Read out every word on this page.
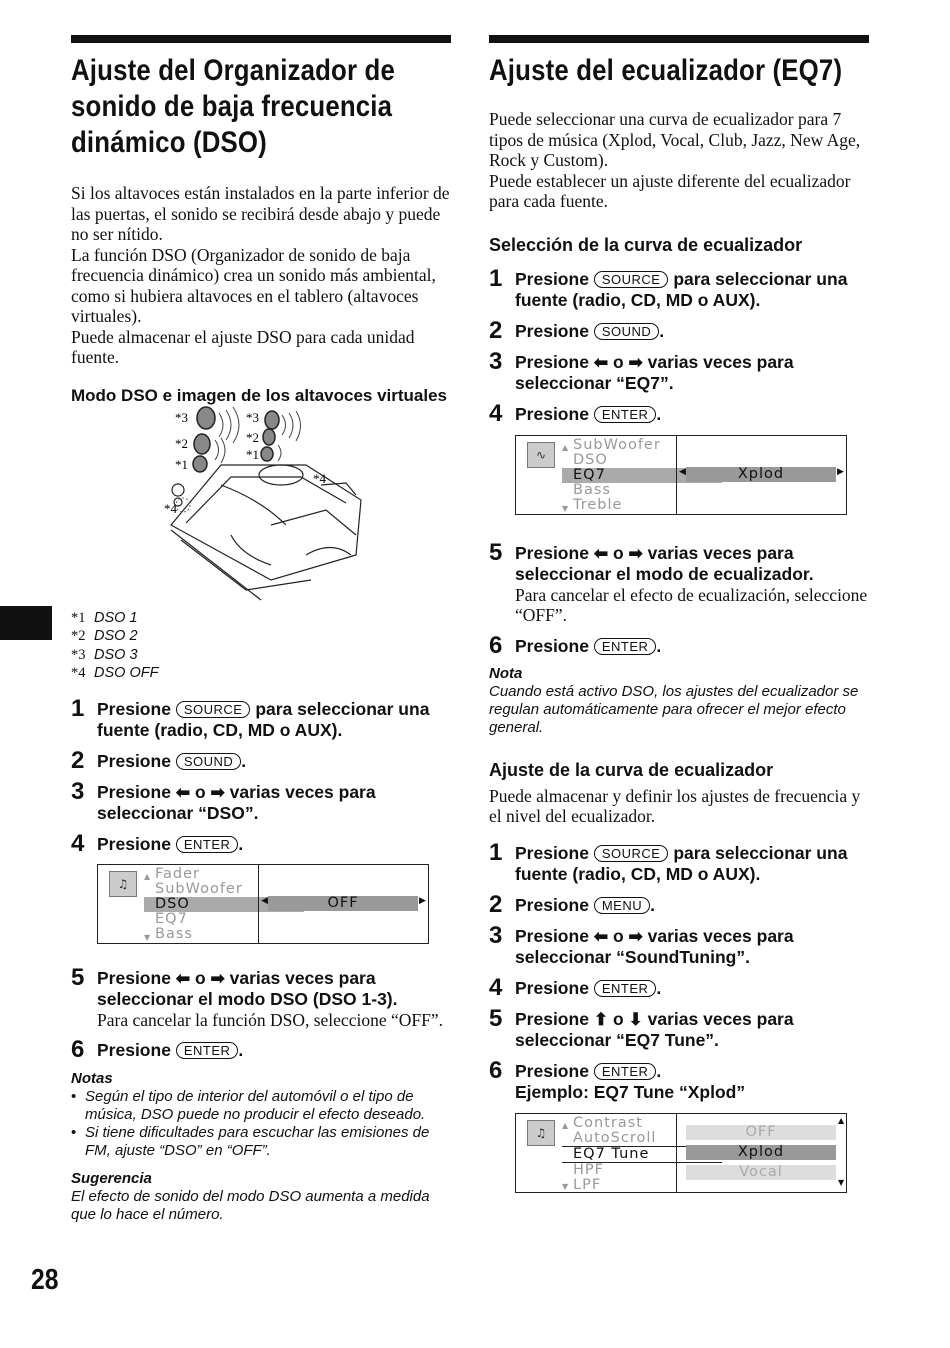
28
Ajuste del Organizador de sonido de baja frecuencia dinámico (DSO)

Si los altavoces están instalados en la parte inferior de las puertas, el sonido se recibirá desde abajo y puede no ser nítido.

La función DSO (Organizador de sonido de baja frecuencia dinámico) crea un sonido más ambiental, como si hubiera altavoces en el tablero (altavoces virtuales).

Puede almacenar el ajuste DSO para cada unidad fuente.

Modo DSO e imagen de los altavoces virtuales
*3
*2
*1
*3
*2
*1
*4
*4
*1 DSO 1
*2 DSO 2
*3 DSO 3
*4 DSO OFF
1 Presione SOURCE para seleccionar una fuente (radio, CD, MD o AUX).
2 Presione SOUND .
3 Presione ⬅ o ➡ varias veces para seleccionar “DSO”.
4 Presione ENTER .
♫
▲ Fader
SubWoofer
DSO
EQ7
Bass
▼
◀	OFF	▶
5 Presione ⬅ o ➡ varias veces para seleccionar el modo DSO (DSO 1-3).
Para cancelar la función DSO, seleccione “OFF”.
6 Presione ENTER .
Notas
• Según el tipo de interior del automóvil o el tipo de música, DSO puede no producir el efecto deseado.
• Si tiene dificultades para escuchar las emisiones de FM, ajuste “DSO” en “OFF”.
Sugerencia
El efecto de sonido del modo DSO aumenta a medida que lo hace el número.
Ajuste del ecualizador (EQ7)

Puede seleccionar una curva de ecualizador para 7 tipos de música (Xplod, Vocal, Club, Jazz, New Age, Rock y Custom).

Puede establecer un ajuste diferente del ecualizador para cada fuente.

Selección de la curva de ecualizador
1 Presione SOURCE para seleccionar una fuente (radio, CD, MD o AUX).
2 Presione SOUND .
3 Presione ⬅ o ➡ varias veces para seleccionar “EQ7”.
4 Presione ENTER .
∿
▲ SubWoofer
DSO
EQ7
Bass
Treble
▼
◀	Xplod	▶
5 Presione ⬅ o ➡ varias veces para seleccionar el modo de ecualizador.
Para cancelar el efecto de ecualización, seleccione “OFF”.
6 Presione ENTER .
Nota
Cuando está activo DSO, los ajustes del ecualizador se regulan automáticamente para ofrecer el mejor efecto general.
Ajuste de la curva de ecualizador

Puede almacenar y definir los ajustes de frecuencia y el nivel del ecualizador.

1 Presione SOURCE para seleccionar una fuente (radio, CD, MD o AUX).
2 Presione MENU .
3 Presione ⬅ o ➡ varias veces para seleccionar “SoundTuning”.
4 Presione ENTER .
5 Presione ⬆ o ⬇ varias veces para seleccionar “EQ7 Tune”.
6 Presione ENTER .
Ejemplo: EQ7 Tune “Xplod”
♫
▲ Contrast
AutoScroll
EQ7 Tune
HPF
LPF
▼
OFF
Xplod
Vocal
▲
▼
